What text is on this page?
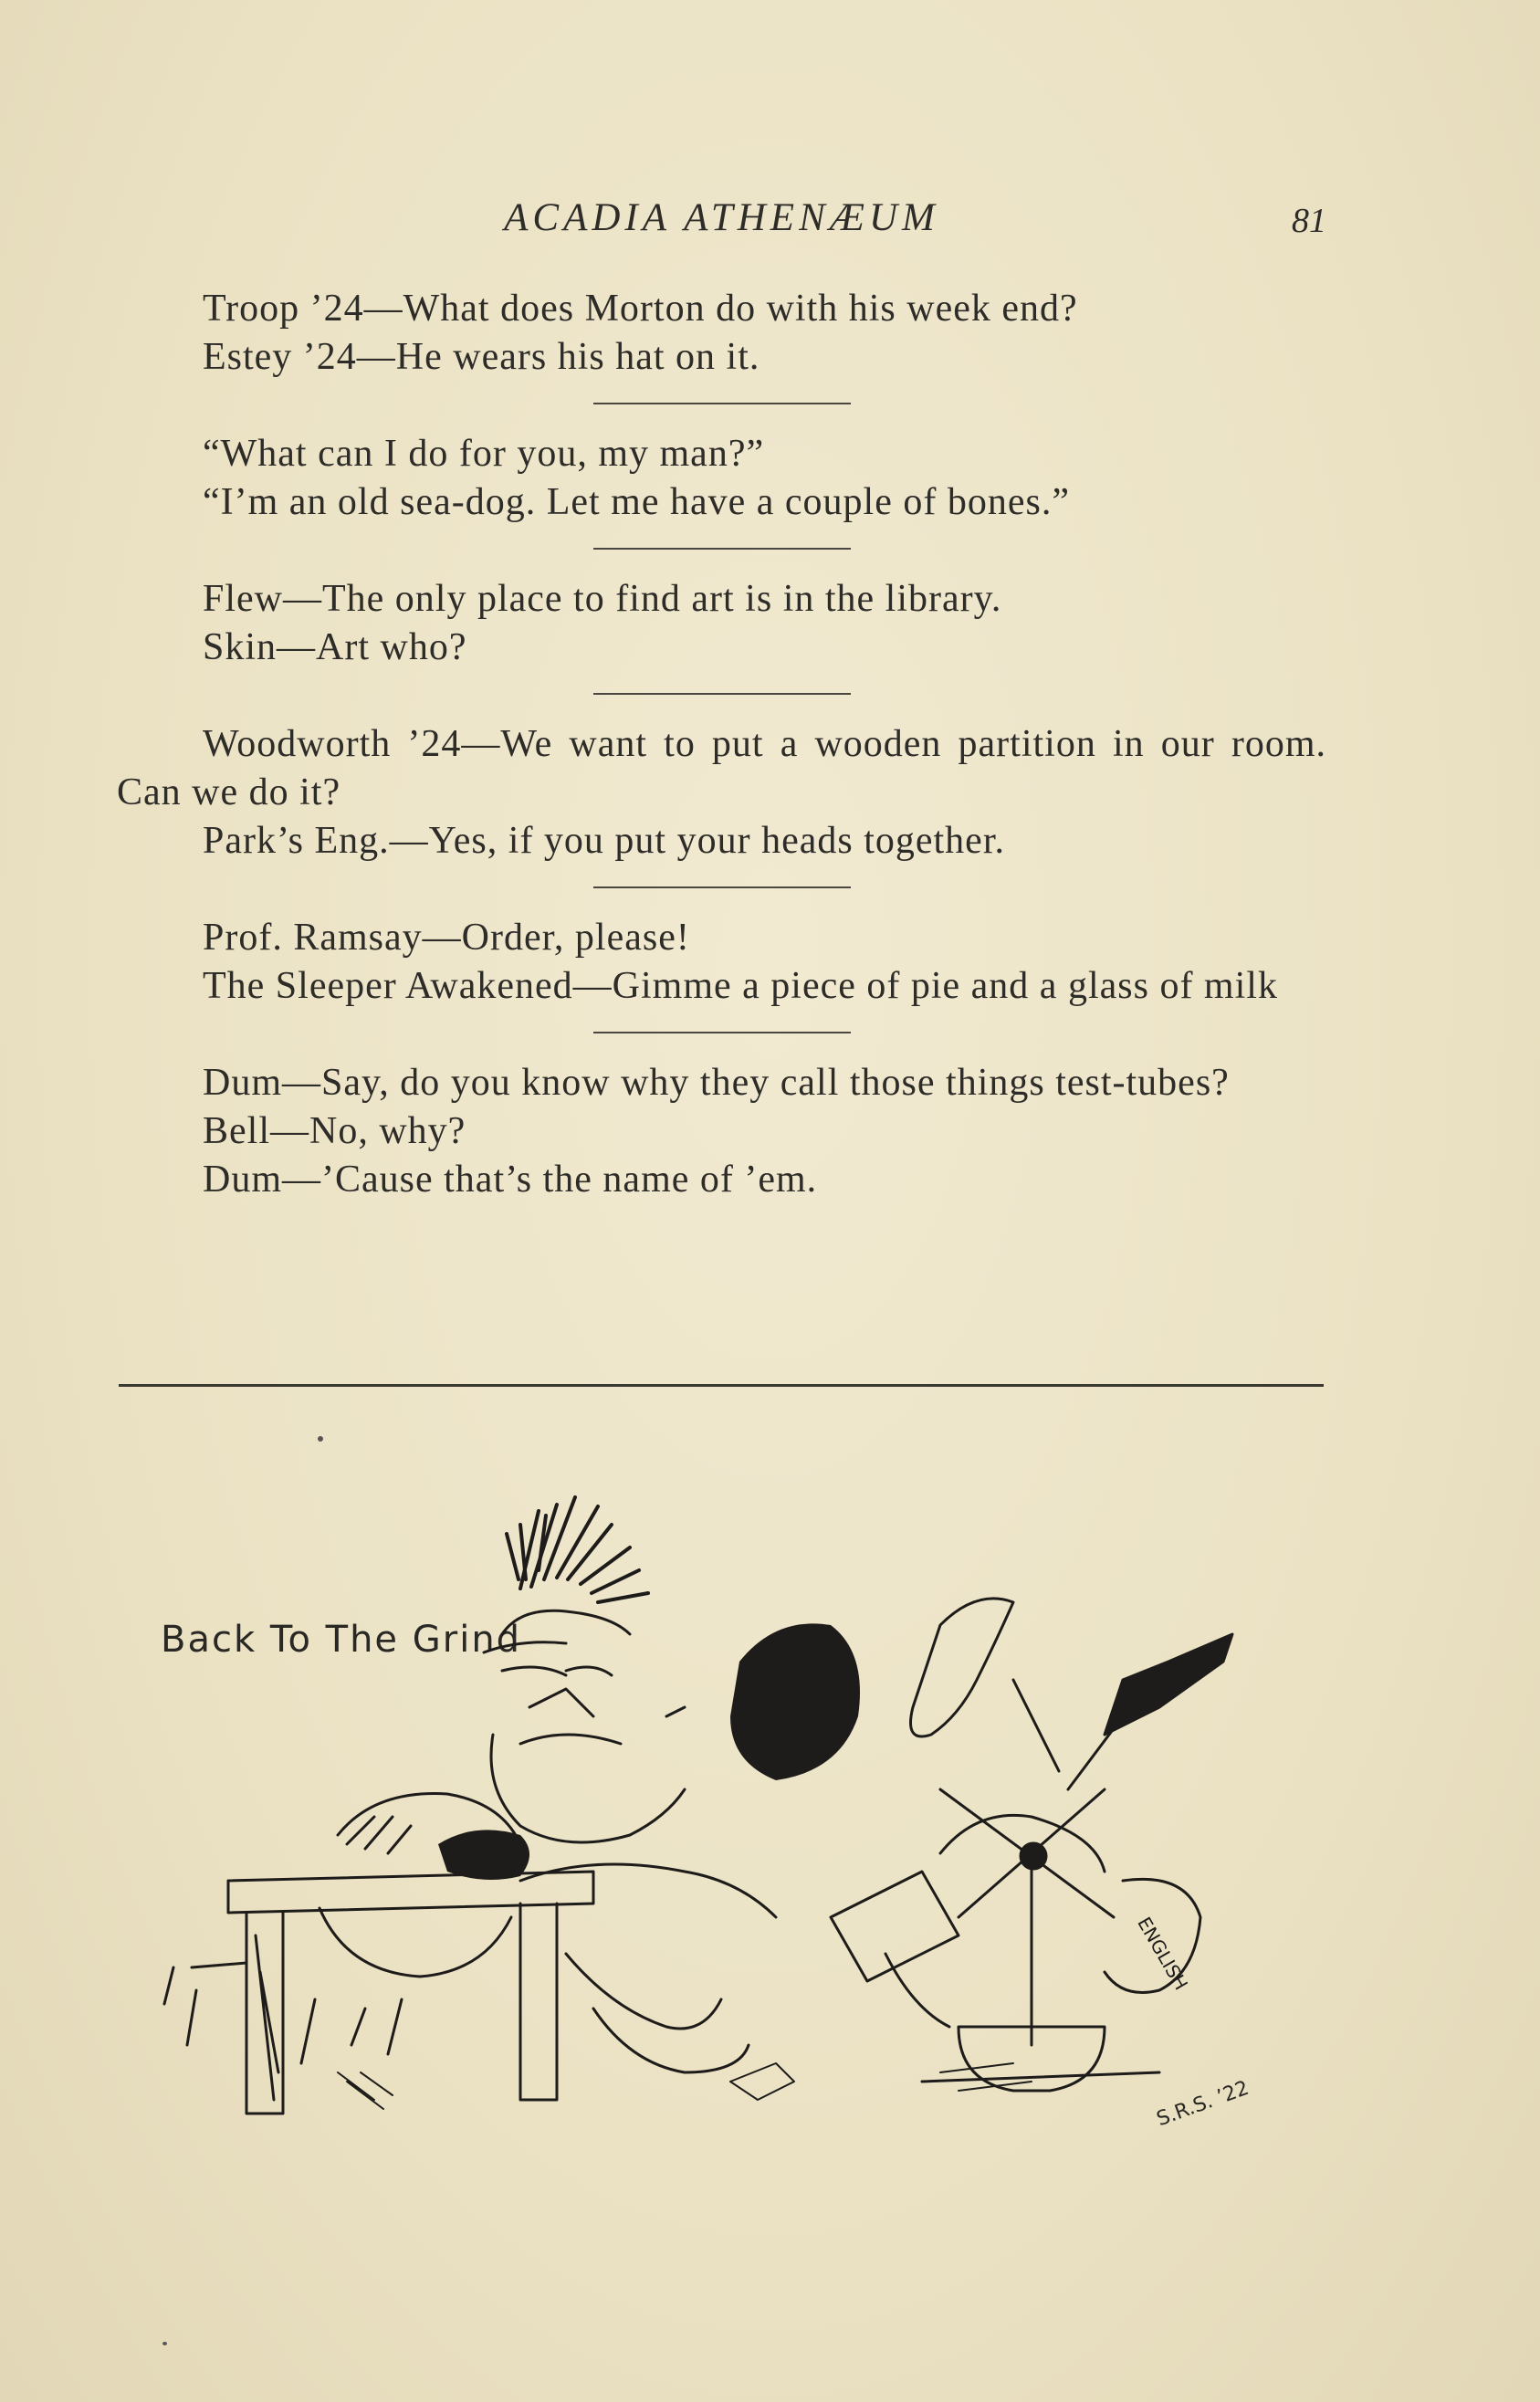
ACADIA ATHENÆUM	81

Troop ’24—What does Morton do with his week end?

Estey ’24—He wears his hat on it.

“What can I do for you, my man?”

“I’m an old sea-dog. Let me have a couple of bones.”

Flew—The only place to find art is in the library.

Skin—Art who?

Woodworth ’24—We want to put a wooden partition in our room. Can we do it?

Park’s Eng.—Yes, if you put your heads together.

Prof. Ramsay—Order, please!

The Sleeper Awakened—Gimme a piece of pie and a glass of milk

Dum—Say, do you know why they call those things test-tubes?

Bell—No, why?

Dum—’Cause that’s the name of ’em.

Back To The Grind
ENGLISH
S.R.S. ’22
